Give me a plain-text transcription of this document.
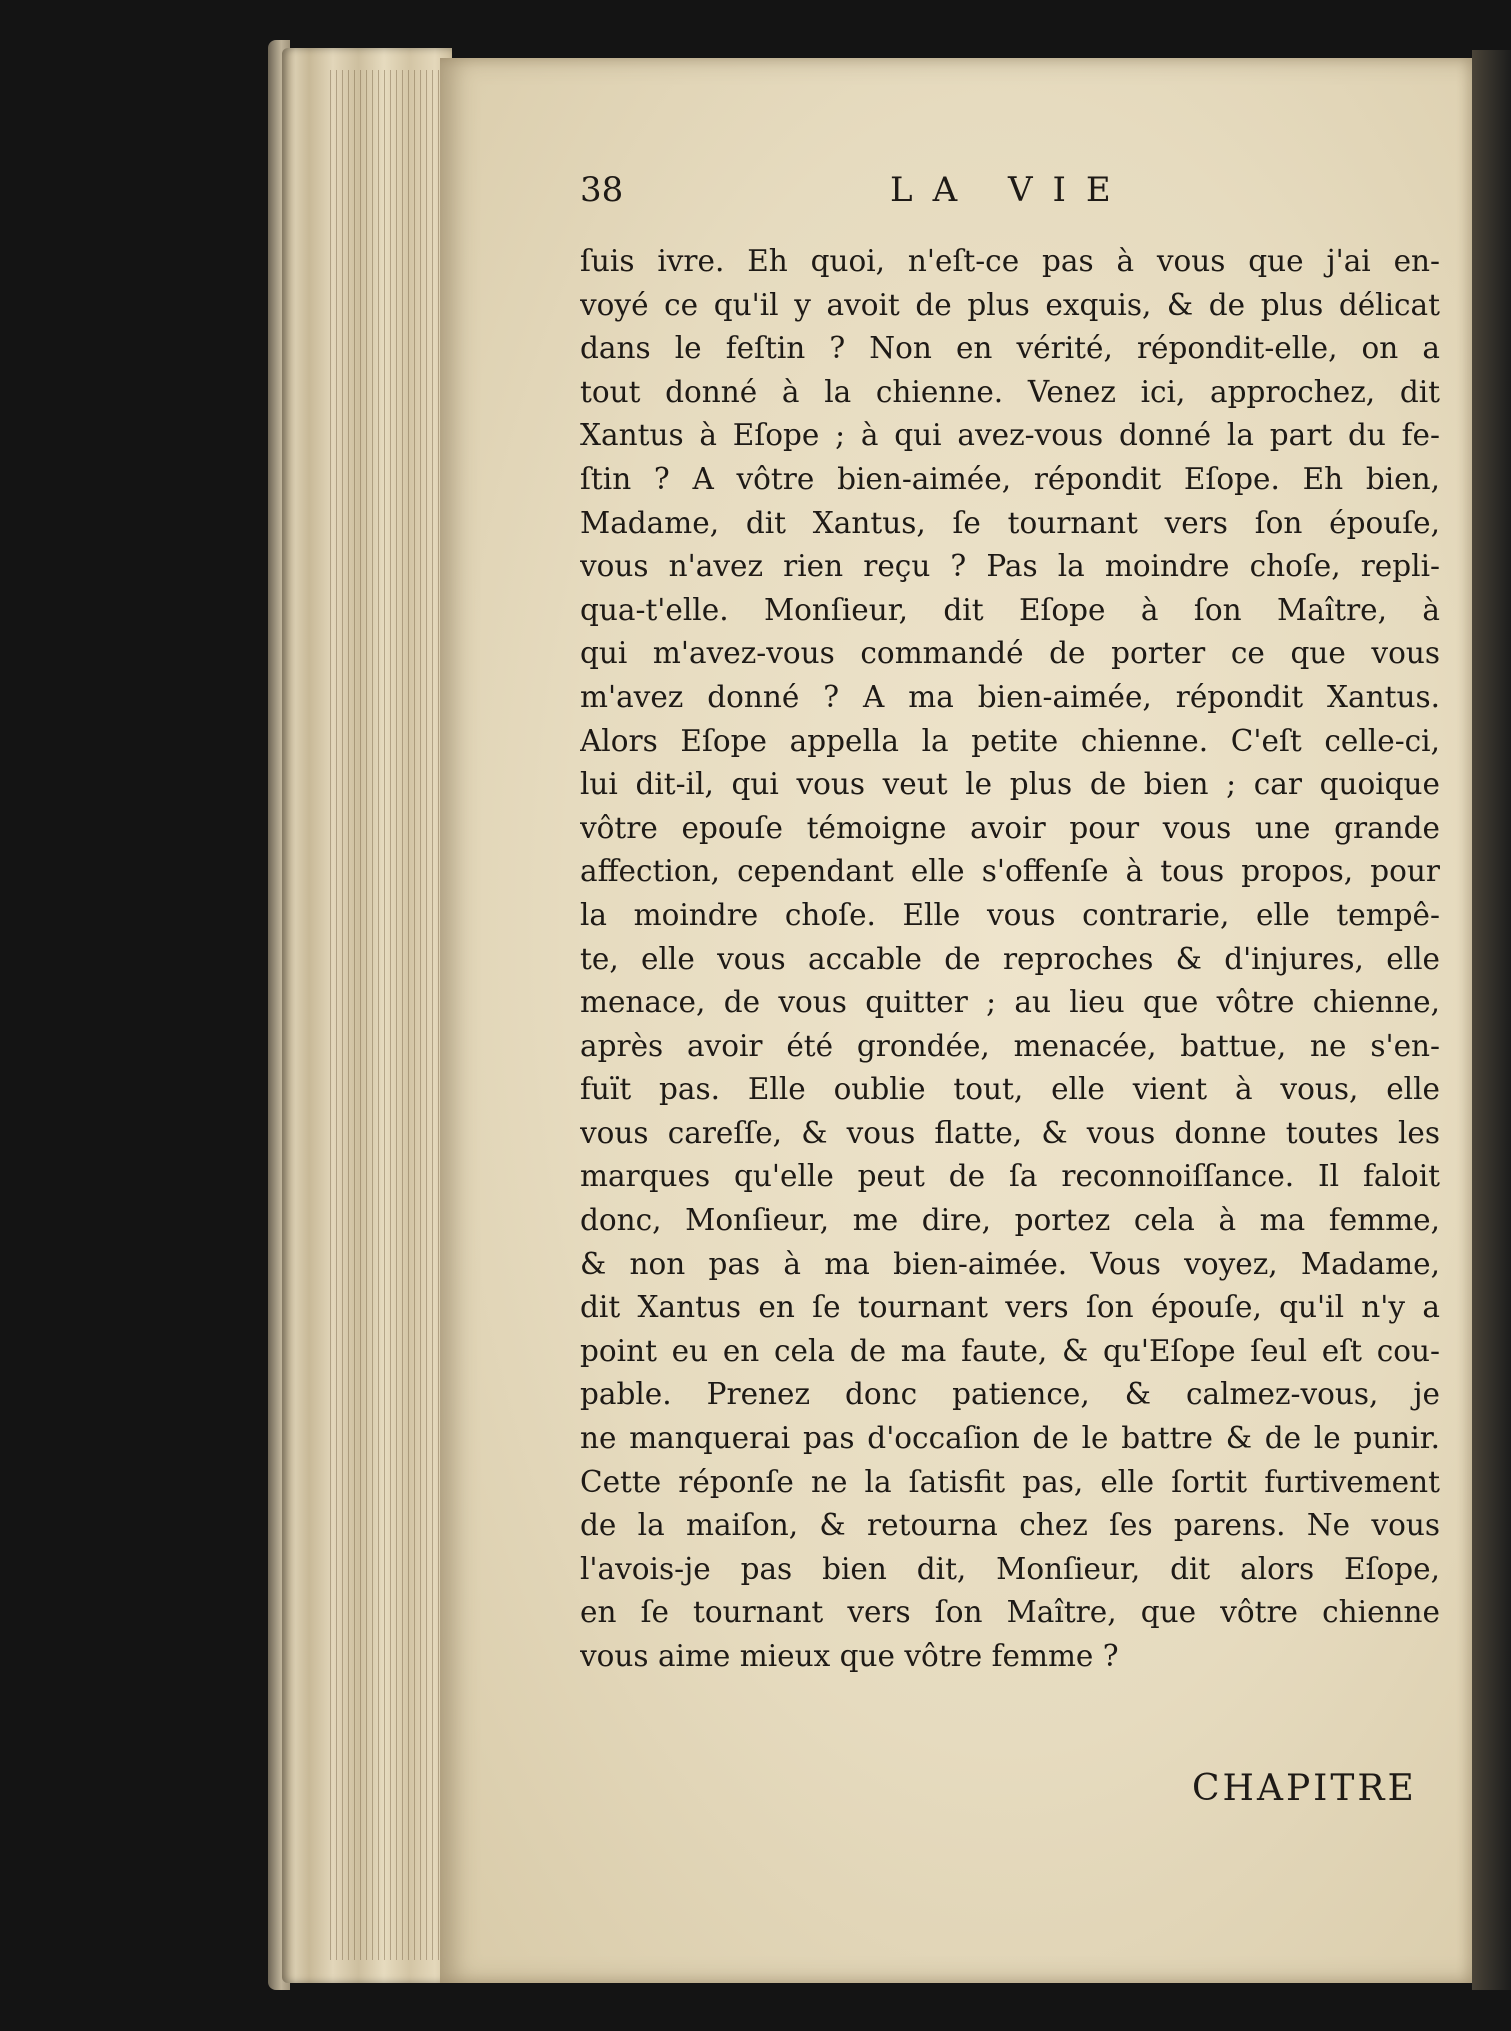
38	LA VIE
ſuis ivre. Eh quoi, n'eſt-ce pas à vous que j'ai en-
voyé ce qu'il y avoit de plus exquis, & de plus délicat
dans le feſtin ? Non en vérité, répondit-elle, on a
tout donné à la chienne. Venez ici, approchez, dit
Xantus à Eſope ; à qui avez-vous donné la part du fe-
ſtin ? A vôtre bien-aimée, répondit Eſope. Eh bien,
Madame, dit Xantus, ſe tournant vers ſon épouſe,
vous n'avez rien reçu ? Pas la moindre choſe, repli-
qua-t'elle. Monſieur, dit Eſope à ſon Maître, à
qui m'avez-vous commandé de porter ce que vous
m'avez donné ? A ma bien-aimée, répondit Xantus.
Alors Eſope appella la petite chienne. C'eſt celle-ci,
lui dit-il, qui vous veut le plus de bien ; car quoique
vôtre epouſe témoigne avoir pour vous une grande
affection, cependant elle s'offenſe à tous propos, pour
la moindre choſe. Elle vous contrarie, elle tempê-
te, elle vous accable de reproches & d'injures, elle
menace, de vous quitter ; au lieu que vôtre chienne,
après avoir été grondée, menacée, battue, ne s'en-
fuït pas. Elle oublie tout, elle vient à vous, elle
vous careſſe, & vous flatte, & vous donne toutes les
marques qu'elle peut de ſa reconnoiſſance. Il faloit
donc, Monſieur, me dire, portez cela à ma femme,
& non pas à ma bien-aimée. Vous voyez, Madame,
dit Xantus en ſe tournant vers ſon épouſe, qu'il n'y a
point eu en cela de ma faute, & qu'Eſope ſeul eſt cou-
pable. Prenez donc patience, & calmez-vous, je
ne manquerai pas d'occaſion de le battre & de le punir.
Cette réponſe ne la ſatisfit pas, elle ſortit furtivement
de la maiſon, & retourna chez ſes parens. Ne vous
l'avois-je pas bien dit, Monſieur, dit alors Eſope,
en ſe tournant vers ſon Maître, que vôtre chienne
vous aime mieux que vôtre femme ?
CHAPITRE
